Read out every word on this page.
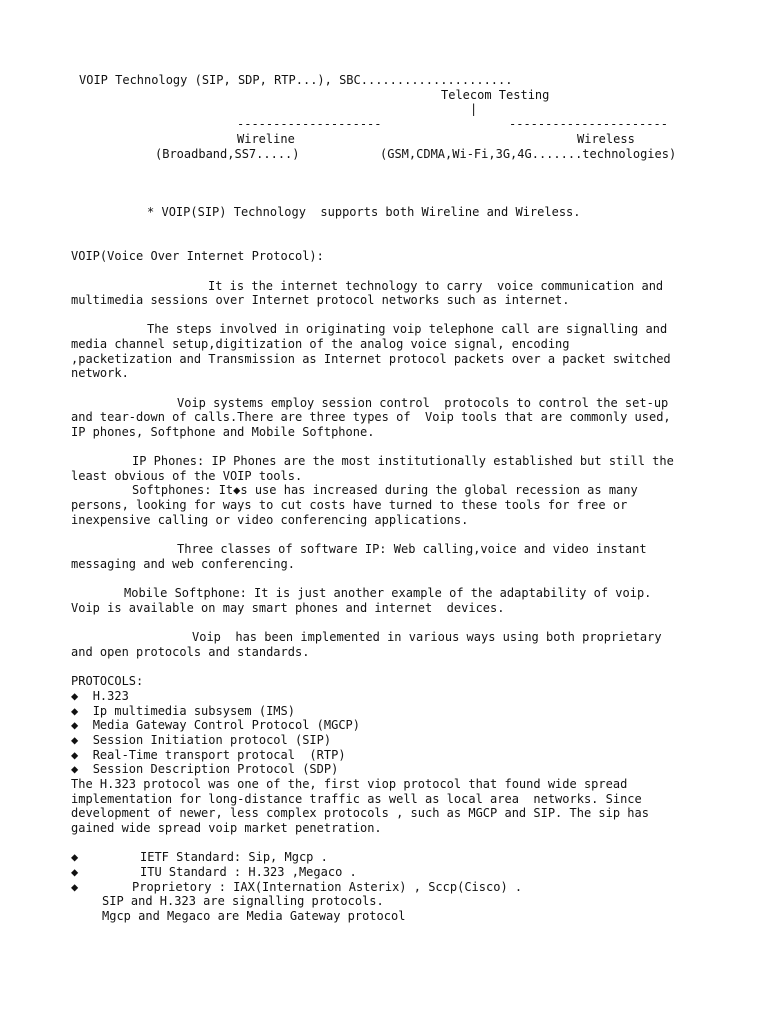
VOIP Technology (SIP, SDP, RTP...), SBC.....................
Telecom Testing
|
--------------------	----------------------
Wireline	Wireless
(Broadband,SS7.....)	(GSM,CDMA,Wi-Fi,3G,4G.......technologies)
* VOIP(SIP) Technology  supports both Wireline and Wireless.
VOIP(Voice Over Internet Protocol):
It is the internet technology to carry  voice communication and
multimedia sessions over Internet protocol networks such as internet.
The steps involved in originating voip telephone call are signalling and
media channel setup,digitization of the analog voice signal, encoding
,packetization and Transmission as Internet protocol packets over a packet switched
network.
Voip systems employ session control  protocols to control the set-up
and tear-down of calls.There are three types of  Voip tools that are commonly used,
IP phones, Softphone and Mobile Softphone.
IP Phones: IP Phones are the most institutionally established but still the
least obvious of the VOIP tools.
Softphones: It◆s use has increased during the global recession as many
persons, looking for ways to cut costs have turned to these tools for free or
inexpensive calling or video conferencing applications.
Three classes of software IP: Web calling,voice and video instant
messaging and web conferencing.
Mobile Softphone: It is just another example of the adaptability of voip.
Voip is available on may smart phones and internet  devices.
Voip  has been implemented in various ways using both proprietary
and open protocols and standards.
PROTOCOLS:
◆ H.323
◆ Ip multimedia subsysem (IMS)
◆ Media Gateway Control Protocol (MGCP)
◆ Session Initiation protocol (SIP)
◆ Real-Time transport protocal  (RTP)
◆ Session Description Protocol (SDP)
The H.323 protocol was one of the, first viop protocol that found wide spread
implementation for long-distance traffic as well as local area  networks. Since
development of newer, less complex protocols , such as MGCP and SIP. The sip has
gained wide spread voip market penetration.
◆	IETF Standard: Sip, Mgcp .
◆	ITU Standard : H.323 ,Megaco .
◆	Proprietory : IAX(Internation Asterix) , Sccp(Cisco) .
SIP and H.323 are signalling protocols.
Mgcp and Megaco are Media Gateway protocol
